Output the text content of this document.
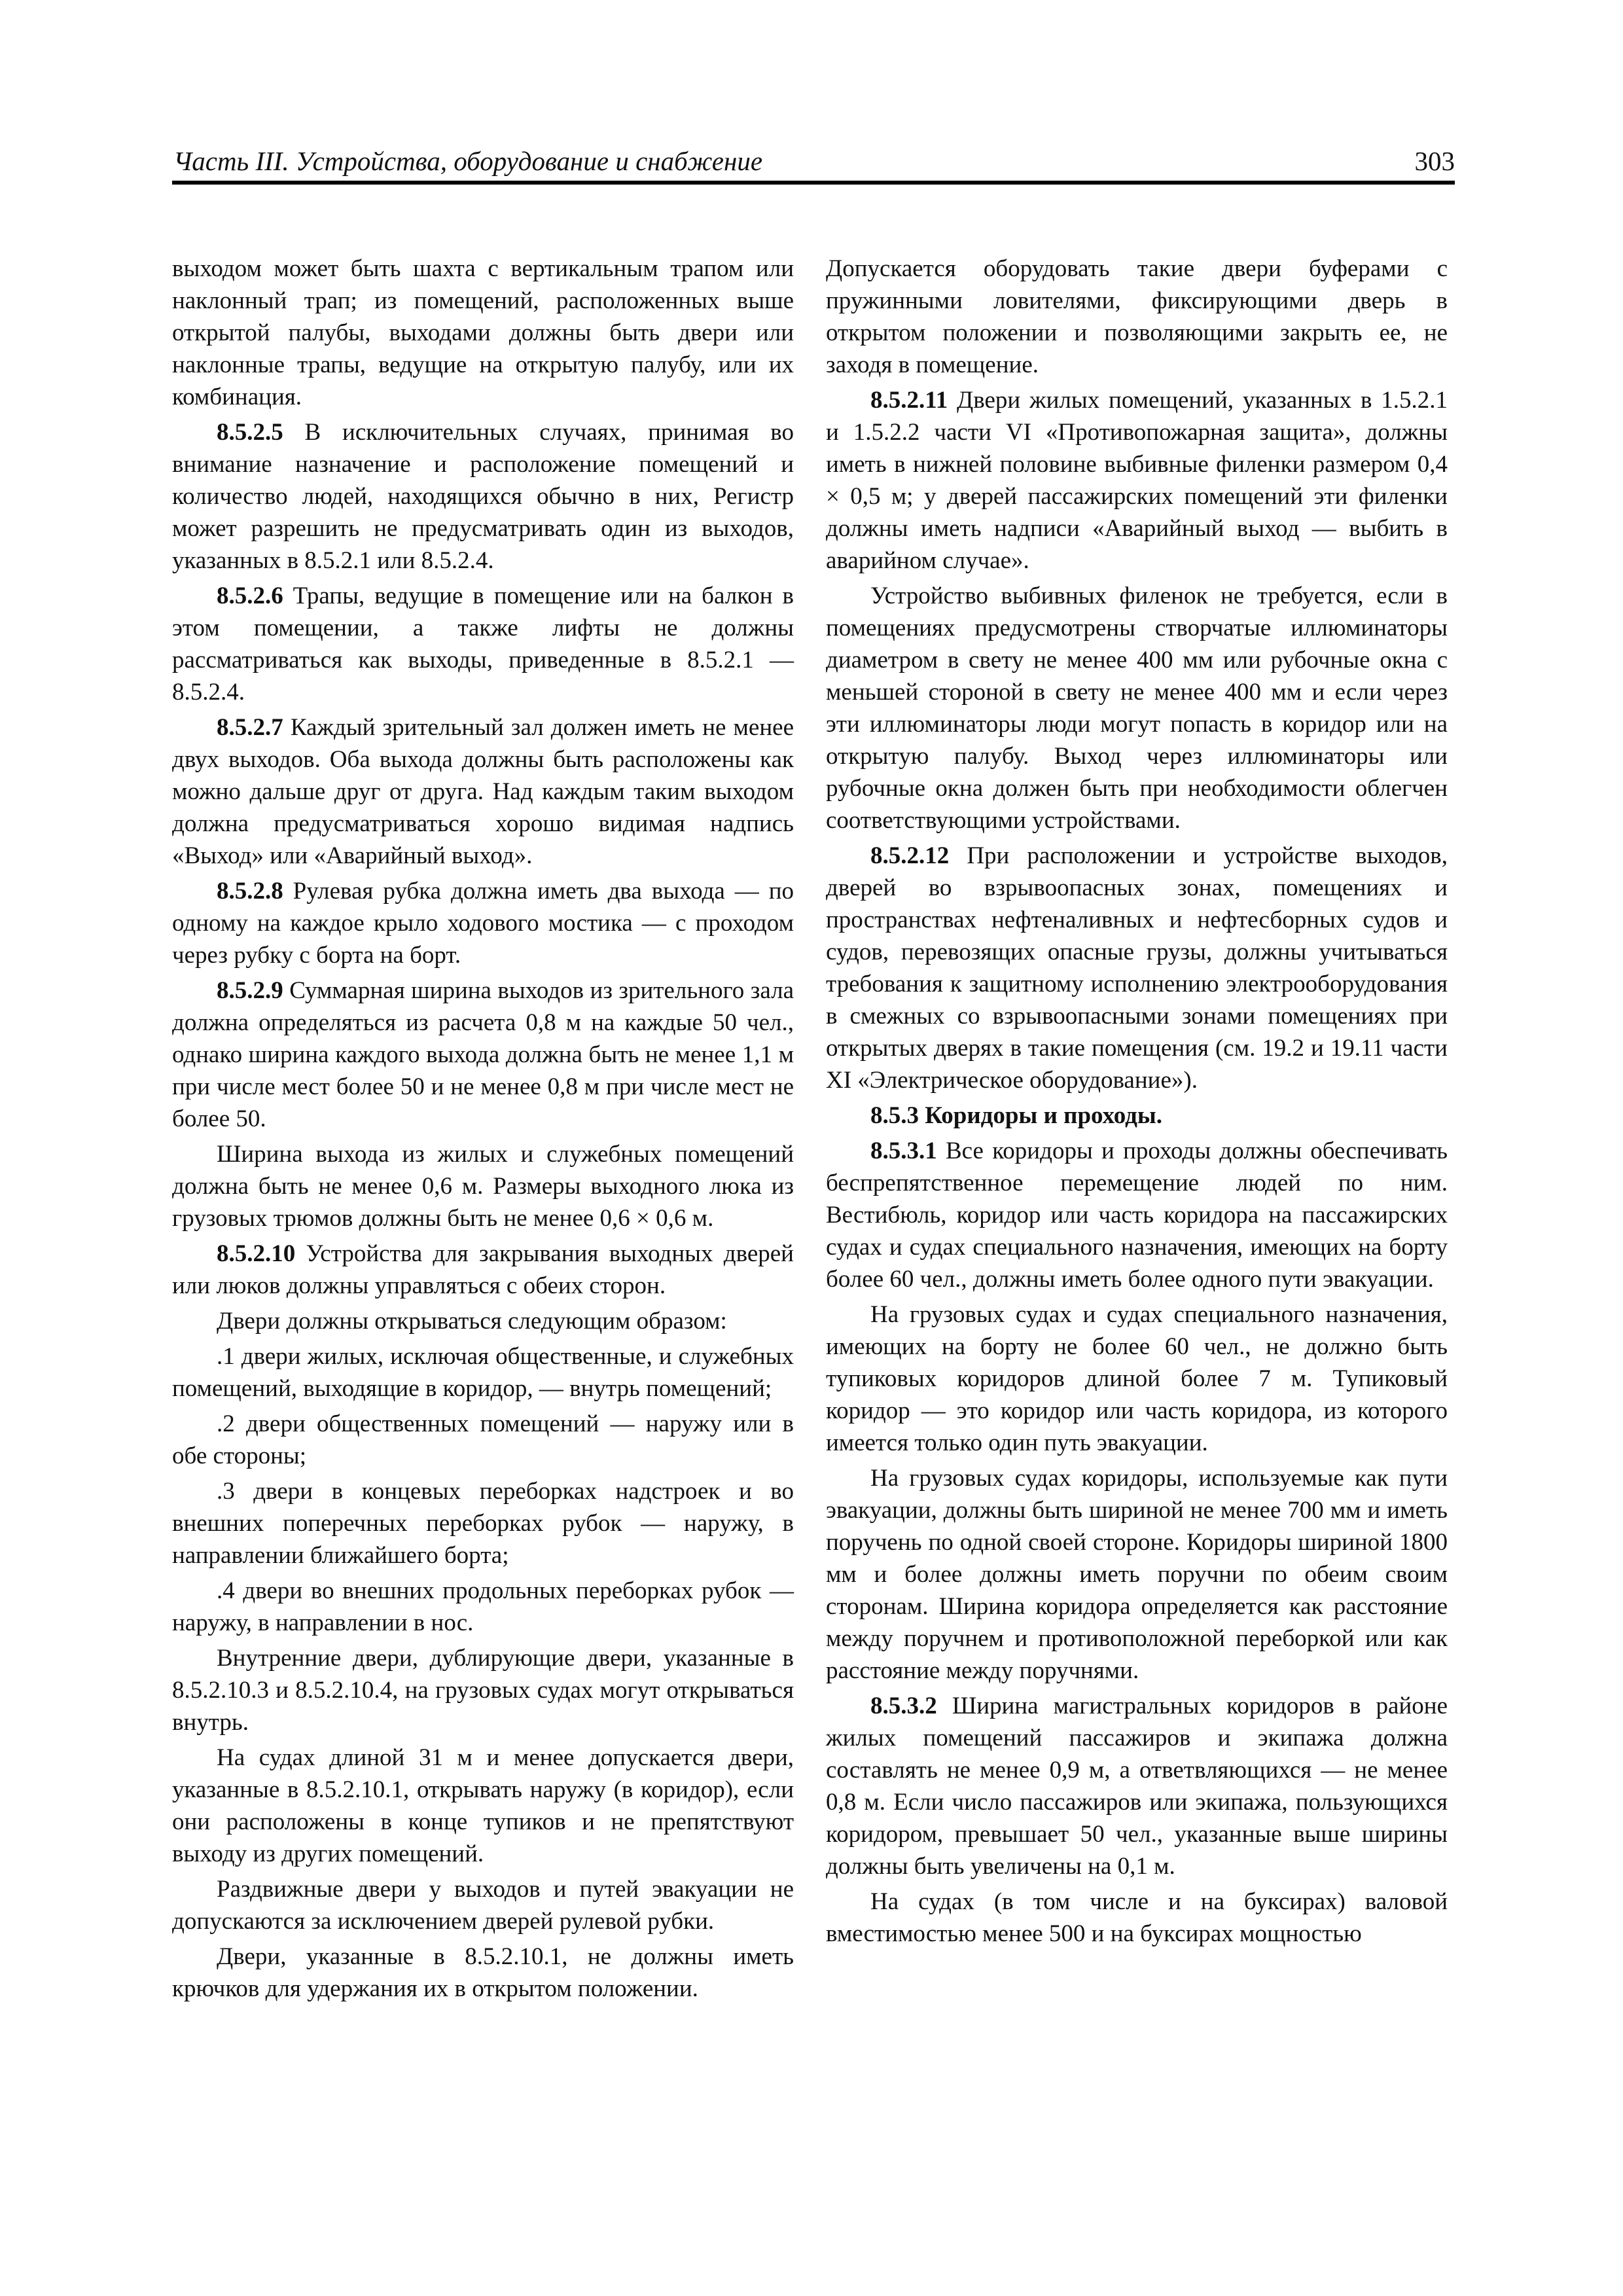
Часть III. Устройства, оборудование и снабжение	303

выходом может быть шахта с вертикальным трапом или наклонный трап; из помещений, расположенных выше открытой палубы, выходами должны быть двери или наклонные трапы, ведущие на открытую палубу, или их комбинация.

8.5.2.5 В исключительных случаях, принимая во внимание назначение и расположение помещений и количество людей, находящихся обычно в них, Регистр может разрешить не предусматривать один из выходов, указанных в 8.5.2.1 или 8.5.2.4.

8.5.2.6 Трапы, ведущие в помещение или на балкон в этом помещении, а также лифты не должны рассматриваться как выходы, приведенные в 8.5.2.1 — 8.5.2.4.

8.5.2.7 Каждый зрительный зал должен иметь не менее двух выходов. Оба выхода должны быть расположены как можно дальше друг от друга. Над каждым таким выходом должна предусматриваться хорошо видимая надпись «Выход» или «Аварийный выход».

8.5.2.8 Рулевая рубка должна иметь два выхода — по одному на каждое крыло ходового мостика — с проходом через рубку с борта на борт.

8.5.2.9 Суммарная ширина выходов из зрительного зала должна определяться из расчета 0,8 м на каждые 50 чел., однако ширина каждого выхода должна быть не менее 1,1 м при числе мест более 50 и не менее 0,8 м при числе мест не более 50.

Ширина выхода из жилых и служебных помещений должна быть не менее 0,6 м. Размеры выходного люка из грузовых трюмов должны быть не менее 0,6 × 0,6 м.

8.5.2.10 Устройства для закрывания выходных дверей или люков должны управляться с обеих сторон.

Двери должны открываться следующим образом:

.1 двери жилых, исключая общественные, и служебных помещений, выходящие в коридор, — внутрь помещений;

.2 двери общественных помещений — наружу или в обе стороны;

.3 двери в концевых переборках надстроек и во внешних поперечных переборках рубок — наружу, в направлении ближайшего борта;

.4 двери во внешних продольных переборках рубок — наружу, в направлении в нос.

Внутренние двери, дублирующие двери, указанные в 8.5.2.10.3 и 8.5.2.10.4, на грузовых судах могут открываться внутрь.

На судах длиной 31 м и менее допускается двери, указанные в 8.5.2.10.1, открывать наружу (в коридор), если они расположены в конце тупиков и не препятствуют выходу из других помещений.

Раздвижные двери у выходов и путей эвакуации не допускаются за исключением дверей рулевой рубки.

Двери, указанные в 8.5.2.10.1, не должны иметь крючков для удержания их в открытом положении.

Допускается оборудовать такие двери буферами с пружинными ловителями, фиксирующими дверь в открытом положении и позволяющими закрыть ее, не заходя в помещение.

8.5.2.11 Двери жилых помещений, указанных в 1.5.2.1 и 1.5.2.2 части VI «Противопожарная защита», должны иметь в нижней половине выбивные филенки размером 0,4 × 0,5 м; у дверей пассажирских помещений эти филенки должны иметь надписи «Аварийный выход — выбить в аварийном случае».

Устройство выбивных филенок не требуется, если в помещениях предусмотрены створчатые иллюминаторы диаметром в свету не менее 400 мм или рубочные окна с меньшей стороной в свету не менее 400 мм и если через эти иллюминаторы люди могут попасть в коридор или на открытую палубу. Выход через иллюминаторы или рубочные окна должен быть при необходимости облегчен соответствующими устройствами.

8.5.2.12 При расположении и устройстве выходов, дверей во взрывоопасных зонах, помещениях и пространствах нефтеналивных и нефтесборных судов и судов, перевозящих опасные грузы, должны учитываться требования к защитному исполнению электрооборудования в смежных со взрывоопасными зонами помещениях при открытых дверях в такие помещения (см. 19.2 и 19.11 части XI «Электрическое оборудование»).

8.5.3 Коридоры и проходы.

8.5.3.1 Все коридоры и проходы должны обеспечивать беспрепятственное перемещение людей по ним. Вестибюль, коридор или часть коридора на пассажирских судах и судах специального назначения, имеющих на борту более 60 чел., должны иметь более одного пути эвакуации.

На грузовых судах и судах специального назначения, имеющих на борту не более 60 чел., не должно быть тупиковых коридоров длиной более 7 м. Тупиковый коридор — это коридор или часть коридора, из которого имеется только один путь эвакуации.

На грузовых судах коридоры, используемые как пути эвакуации, должны быть шириной не менее 700 мм и иметь поручень по одной своей стороне. Коридоры шириной 1800 мм и более должны иметь поручни по обеим своим сторонам. Ширина коридора определяется как расстояние между поручнем и противоположной переборкой или как расстояние между поручнями.

8.5.3.2 Ширина магистральных коридоров в районе жилых помещений пассажиров и экипажа должна составлять не менее 0,9 м, а ответвляющихся — не менее 0,8 м. Если число пассажиров или экипажа, пользующихся коридором, превышает 50 чел., указанные выше ширины должны быть увеличены на 0,1 м.

На судах (в том числе и на буксирах) валовой вместимостью менее 500 и на буксирах мощностью
